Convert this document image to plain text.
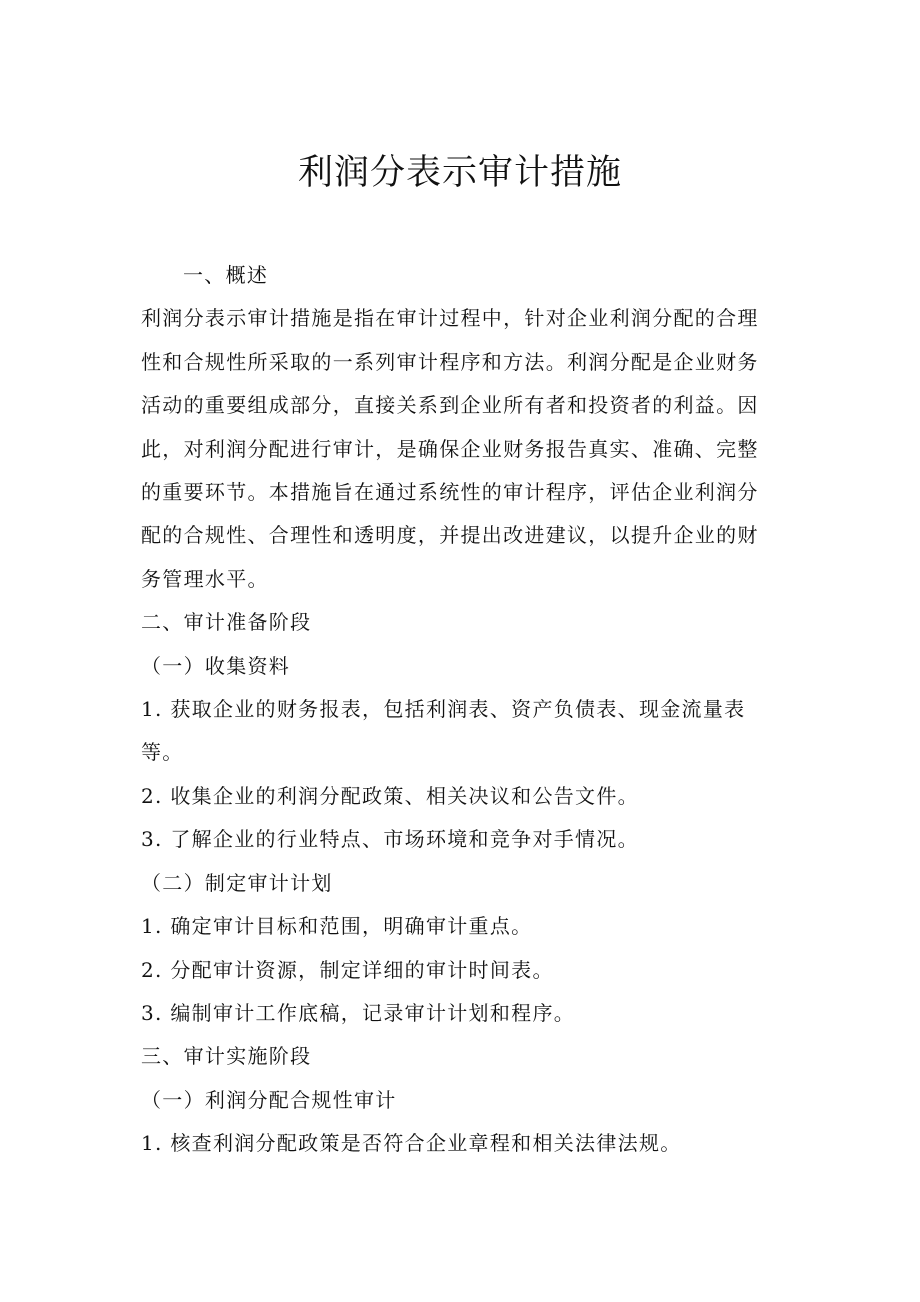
利润分表示审计措施

一、概述

利润分表示审计措施是指在审计过程中，针对企业利润分配的合理性和合规性所采取的一系列审计程序和方法。利润分配是企业财务活动的重要组成部分，直接关系到企业所有者和投资者的利益。因此，对利润分配进行审计，是确保企业财务报告真实、准确、完整的重要环节。本措施旨在通过系统性的审计程序，评估企业利润分配的合规性、合理性和透明度，并提出改进建议，以提升企业的财务管理水平。

二、审计准备阶段

（一）收集资料

1. 获取企业的财务报表，包括利润表、资产负债表、现金流量表等。

2. 收集企业的利润分配政策、相关决议和公告文件。

3. 了解企业的行业特点、市场环境和竞争对手情况。

（二）制定审计计划

1. 确定审计目标和范围，明确审计重点。

2. 分配审计资源，制定详细的审计时间表。

3. 编制审计工作底稿，记录审计计划和程序。

三、审计实施阶段

（一）利润分配合规性审计

1. 核查利润分配政策是否符合企业章程和相关法律法规。
